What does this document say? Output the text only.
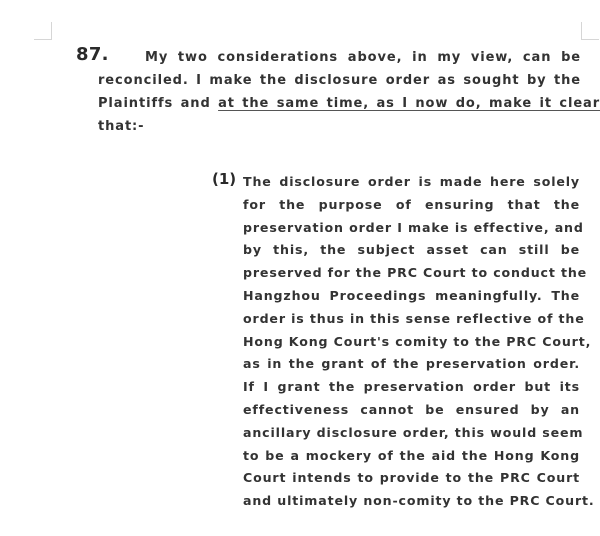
87.	My two considerations above, in my view, can be
reconciled. I make the disclosure order as sought by the
Plaintiffs and at the same time, as I now do, make it clear
that:-
(1) The disclosure order is made here solely
for the purpose of ensuring that the
preservation order I make is effective, and
by this, the subject asset can still be
preserved for the PRC Court to conduct the
Hangzhou Proceedings meaningfully. The
order is thus in this sense reflective of the
Hong Kong Court's comity to the PRC Court,
as in the grant of the preservation order.
If I grant the preservation order but its
effectiveness cannot be ensured by an
ancillary disclosure order, this would seem
to be a mockery of the aid the Hong Kong
Court intends to provide to the PRC Court
and ultimately non-comity to the PRC Court.
